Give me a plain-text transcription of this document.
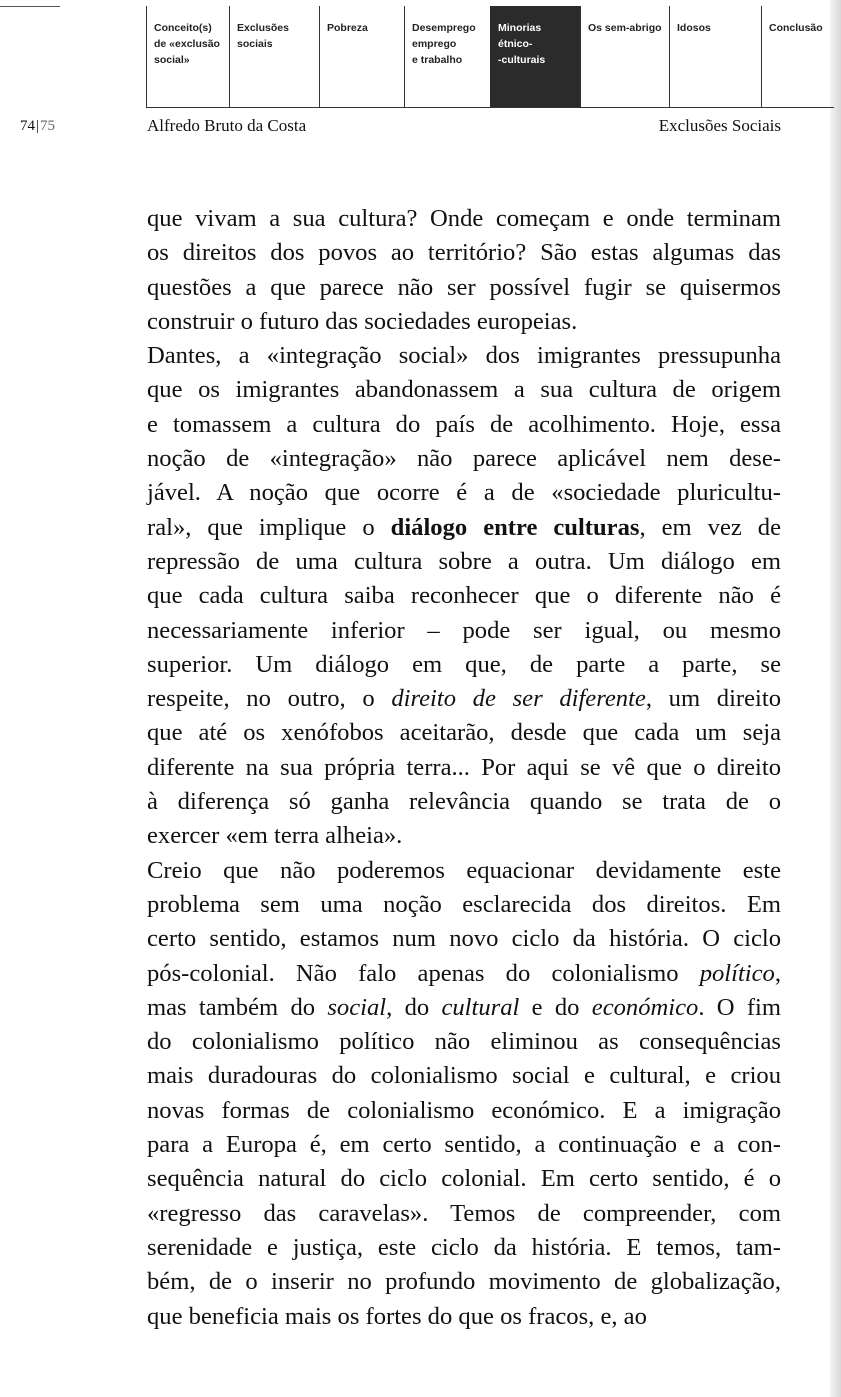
Conceito(s)
de «exclusão
social»
Exclusões
sociais
Pobreza	Desemprego
emprego
e trabalho
Minorias
étnico-
-culturais
Os sem-abrigo	Idosos	Conclusão
74|75	Alfredo Bruto da Costa	Exclusões Sociais
que vivam a sua cultura? Onde começam e onde terminam
os direitos dos povos ao território? São estas algumas das
questões a que parece não ser possível fugir se quisermos
construir o futuro das sociedades europeias.
Dantes, a «integração social» dos imigrantes pressupunha
que os imigrantes abandonassem a sua cultura de origem
e tomassem a cultura do país de acolhimento. Hoje, essa
noção de «integração» não parece aplicável nem dese-
jável. A noção que ocorre é a de «sociedade pluricultu-
ral», que implique o diálogo entre culturas, em vez de
repressão de uma cultura sobre a outra. Um diálogo em
que cada cultura saiba reconhecer que o diferente não é
necessariamente inferior – pode ser igual, ou mesmo
superior. Um diálogo em que, de parte a parte, se
respeite, no outro, o direito de ser diferente, um direito
que até os xenófobos aceitarão, desde que cada um seja
diferente na sua própria terra... Por aqui se vê que o direito
à diferença só ganha relevância quando se trata de o
exercer «em terra alheia».
Creio que não poderemos equacionar devidamente este
problema sem uma noção esclarecida dos direitos. Em
certo sentido, estamos num novo ciclo da história. O ciclo
pós-colonial. Não falo apenas do colonialismo político,
mas também do social, do cultural e do económico. O fim
do colonialismo político não eliminou as consequências
mais duradouras do colonialismo social e cultural, e criou
novas formas de colonialismo económico. E a imigração
para a Europa é, em certo sentido, a continuação e a con-
sequência natural do ciclo colonial. Em certo sentido, é o
«regresso das caravelas». Temos de compreender, com
serenidade e justiça, este ciclo da história. E temos, tam-
bém, de o inserir no profundo movimento de globalização,
que beneficia mais os fortes do que os fracos, e, ao
